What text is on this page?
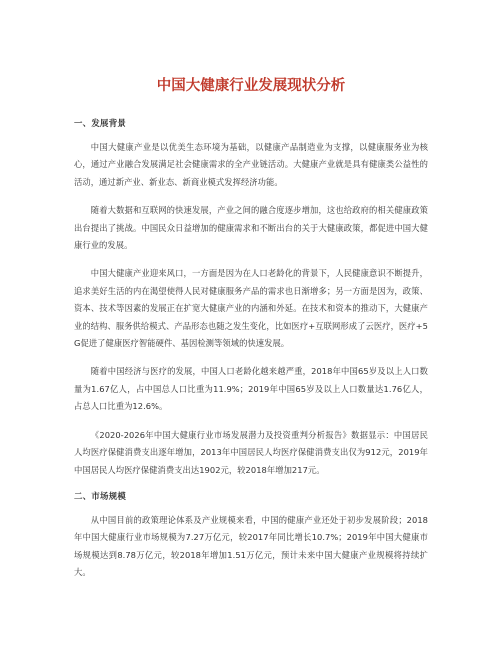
中国大健康行业发展现状分析
一、发展背景

中国大健康产业是以优美生态环境为基础，以健康产品制造业为支撑，以健康服务业为核心，通过产业融合发展满足社会健康需求的全产业链活动。大健康产业就是具有健康类公益性的活动，通过新产业、新业态、新商业模式发挥经济功能。

随着大数据和互联网的快速发展，产业之间的融合度逐步增加，这也给政府的相关健康政策出台提出了挑战。中国民众日益增加的健康需求和不断出台的关于大健康政策，都促进中国大健康行业的发展。

中国大健康产业迎来风口，一方面是因为在人口老龄化的背景下，人民健康意识不断提升，追求美好生活的内在渴望使得人民对健康服务产品的需求也日渐增多；另一方面是因为，政策、资本、技术等因素的发展正在扩宽大健康产业的内涵和外延。在技术和资本的推动下，大健康产业的结构、服务供给模式、产品形态也随之发生变化，比如医疗+互联网形成了云医疗，医疗+5G促进了健康医疗智能硬件、基因检测等领域的快速发展。

随着中国经济与医疗的发展，中国人口老龄化越来越严重，2018年中国65岁及以上人口数量为1.67亿人，占中国总人口比重为11.9%；2019年中国65岁及以上人口数量达1.76亿人，占总人口比重为12.6%。

《2020-2026年中国大健康行业市场发展潜力及投资重判分析报告》数据显示：中国居民人均医疗保健消费支出逐年增加，2013年中国居民人均医疗保健消费支出仅为912元，2019年中国居民人均医疗保健消费支出达1902元，较2018年增加217元。

二、市场规模

从中国目前的政策理论体系及产业规模来看，中国的健康产业还处于初步发展阶段；2018年中国大健康行业市场规模为7.27万亿元，较2017年同比增长10.7%；2019年中国大健康市场规模达到8.78万亿元，较2018年增加1.51万亿元，预计未来中国大健康产业规模将持续扩大。
